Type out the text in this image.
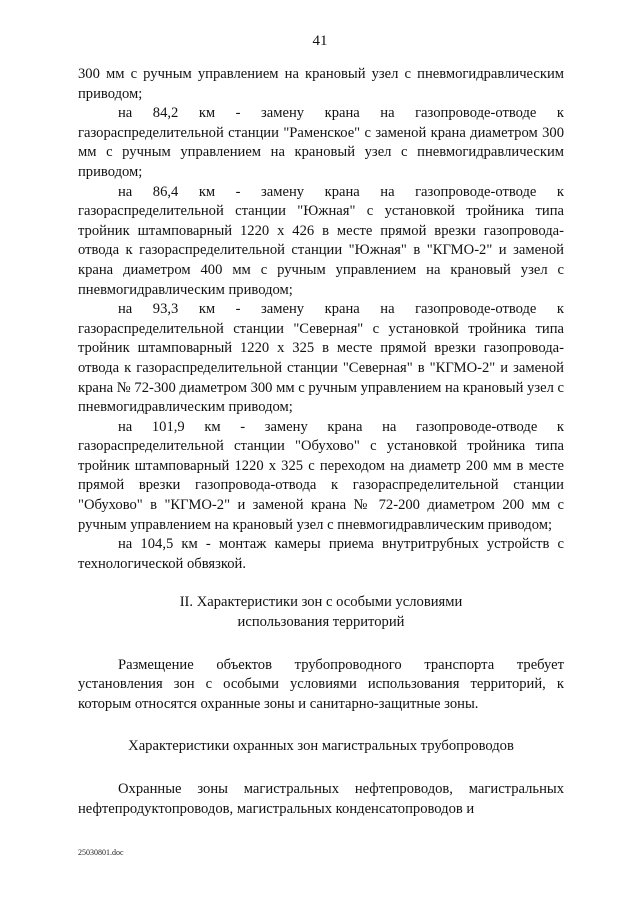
41

300 мм с ручным управлением на крановый узел с пневмогидравлическим приводом;

на 84,2 км - замену крана на газопроводе-отводе к газораспределительной станции "Раменское" с заменой крана диаметром 300 мм с ручным управлением на крановый узел с пневмогидравлическим приводом;

на 86,4 км - замену крана на газопроводе-отводе к газораспределительной станции "Южная" с установкой тройника типа тройник штамповарный 1220 х 426 в месте прямой врезки газопровода-отвода к газораспределительной станции "Южная" в "КГМО-2" и заменой крана диаметром 400 мм с ручным управлением на крановый узел с пневмогидравлическим приводом;

на 93,3 км - замену крана на газопроводе-отводе к газораспределительной станции "Северная" с установкой тройника типа тройник штамповарный 1220 х 325 в месте прямой врезки газопровода-отвода к газораспределительной станции "Северная" в "КГМО-2" и заменой крана № 72-300 диаметром 300 мм с ручным управлением на крановый узел с пневмогидравлическим приводом;

на 101,9 км - замену крана на газопроводе-отводе к газораспределительной станции "Обухово" с установкой тройника типа тройник штамповарный 1220 х 325 с переходом на диаметр 200 мм в месте прямой врезки газопровода-отвода к газораспределительной станции "Обухово" в "КГМО-2" и заменой крана № 72-200 диаметром 200 мм с ручным управлением на крановый узел с пневмогидравлическим приводом;

на 104,5 км - монтаж камеры приема внутритрубных устройств с технологической обвязкой.

II. Характеристики зон с особыми условиями
использования территорий

Размещение объектов трубопроводного транспорта требует установления зон с особыми условиями использования территорий, к которым относятся охранные зоны и санитарно-защитные зоны.

Характеристики охранных зон магистральных трубопроводов

Охранные зоны магистральных нефтепроводов, магистральных нефтепродуктопроводов, магистральных конденсатопроводов и

25030801.doc
